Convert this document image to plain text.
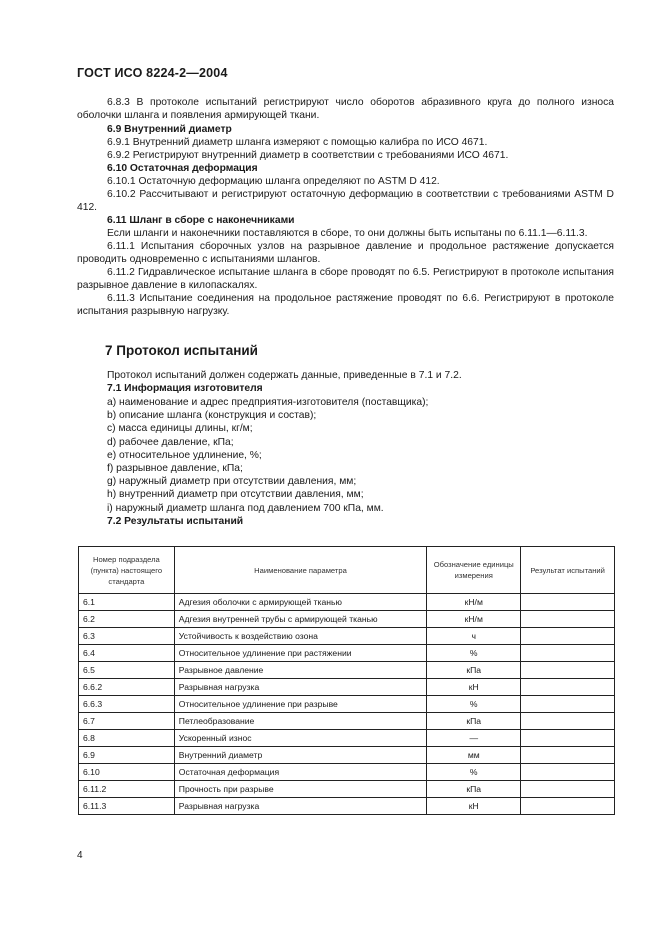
ГОСТ ИСО 8224-2—2004
6.8.3 В протоколе испытаний регистрируют число оборотов абразивного круга до полного износа оболочки шланга и появления армирующей ткани.
6.9 Внутренний диаметр
6.9.1 Внутренний диаметр шланга измеряют с помощью калибра по ИСО 4671.
6.9.2 Регистрируют внутренний диаметр в соответствии с требованиями ИСО 4671.
6.10 Остаточная деформация
6.10.1 Остаточную деформацию шланга определяют по ASTM D 412.
6.10.2 Рассчитывают и регистрируют остаточную деформацию в соответствии с требованиями ASTM D 412.
6.11 Шланг в сборе с наконечниками
Если шланги и наконечники поставляются в сборе, то они должны быть испытаны по 6.11.1—6.11.3.
6.11.1 Испытания сборочных узлов на разрывное давление и продольное растяжение допускается проводить одновременно с испытаниями шлангов.
6.11.2 Гидравлическое испытание шланга в сборе проводят по 6.5. Регистрируют в протоколе испытания разрывное давление в килопаскалях.
6.11.3 Испытание соединения на продольное растяжение проводят по 6.6. Регистрируют в протоколе испытания разрывную нагрузку.
7 Протокол испытаний
Протокол испытаний должен содержать данные, приведенные в 7.1 и 7.2.
7.1 Информация изготовителя
a) наименование и адрес предприятия-изготовителя (поставщика);
b) описание шланга (конструкция и состав);
c) масса единицы длины, кг/м;
d) рабочее давление, кПа;
e) относительное удлинение, %;
f) разрывное давление, кПа;
g) наружный диаметр при отсутствии давления, мм;
h) внутренний диаметр при отсутствии давления, мм;
i) наружный диаметр шланга под давлением 700 кПа, мм.
7.2 Результаты испытаний
Номер подраздела (пункта) настоящего стандарта	Наименование параметра	Обозначение единицы измерения	Результат испытаний
6.1	Адгезия оболочки с армирующей тканью	кН/м	
6.2	Адгезия внутренней трубы с армирующей тканью	кН/м	
6.3	Устойчивость к воздействию озона	ч	
6.4	Относительное удлинение при растяжении	%	
6.5	Разрывное давление	кПа	
6.6.2	Разрывная нагрузка	кН	
6.6.3	Относительное удлинение при разрыве	%	
6.7	Петлеобразование	кПа	
6.8	Ускоренный износ	—	
6.9	Внутренний диаметр	мм	
6.10	Остаточная деформация	%	
6.11.2	Прочность при разрыве	кПа	
6.11.3	Разрывная нагрузка	кН	
4
